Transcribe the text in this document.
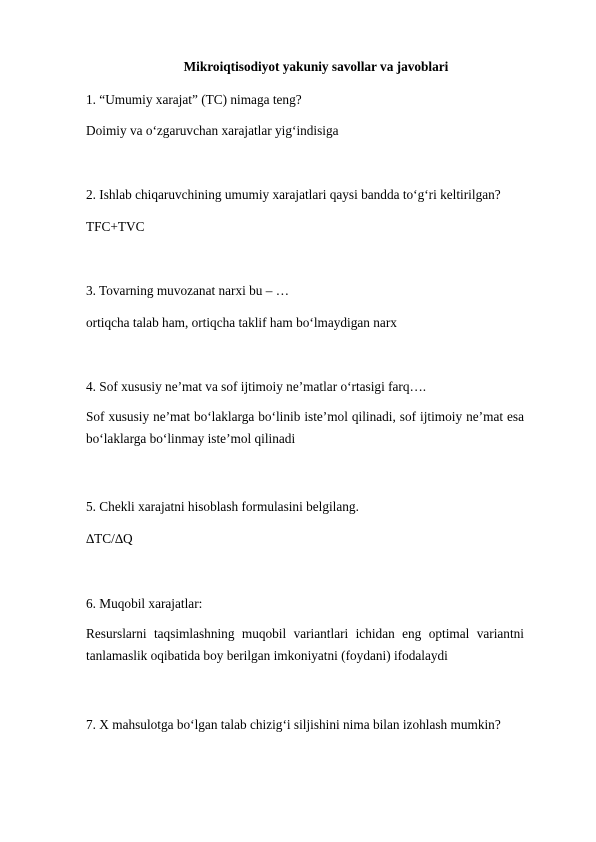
Mikroiqtisodiyot yakuniy savollar va javoblari
1. “Umumiy xarajat” (TC) nimaga teng?
Doimiy va o‘zgaruvchan xarajatlar yig‘indisiga
2. Ishlab chiqaruvchining umumiy xarajatlari qaysi bandda to‘g‘ri keltirilgan?
TFC+TVC
3. Tovarning muvozanat narxi bu – …
ortiqcha talab ham, ortiqcha taklif ham bo‘lmaydigan narx
4. Sof xususiy ne’mat va sof ijtimoiy ne’matlar o‘rtasigi farq….
Sof xususiy ne’mat bo‘laklarga bo‘linib iste’mol qilinadi, sof ijtimoiy ne’mat esa bo‘laklarga bo‘linmay iste’mol qilinadi
5. Chekli xarajatni hisoblash formulasini belgilang.
∆TC/∆Q
6. Muqobil xarajatlar:
Resurslarni taqsimlashning muqobil variantlari ichidan eng optimal variantni tanlamaslik oqibatida boy berilgan imkoniyatni (foydani) ifodalaydi
7. X mahsulotga bo‘lgan talab chizig‘i siljishini nima bilan izohlash mumkin?
